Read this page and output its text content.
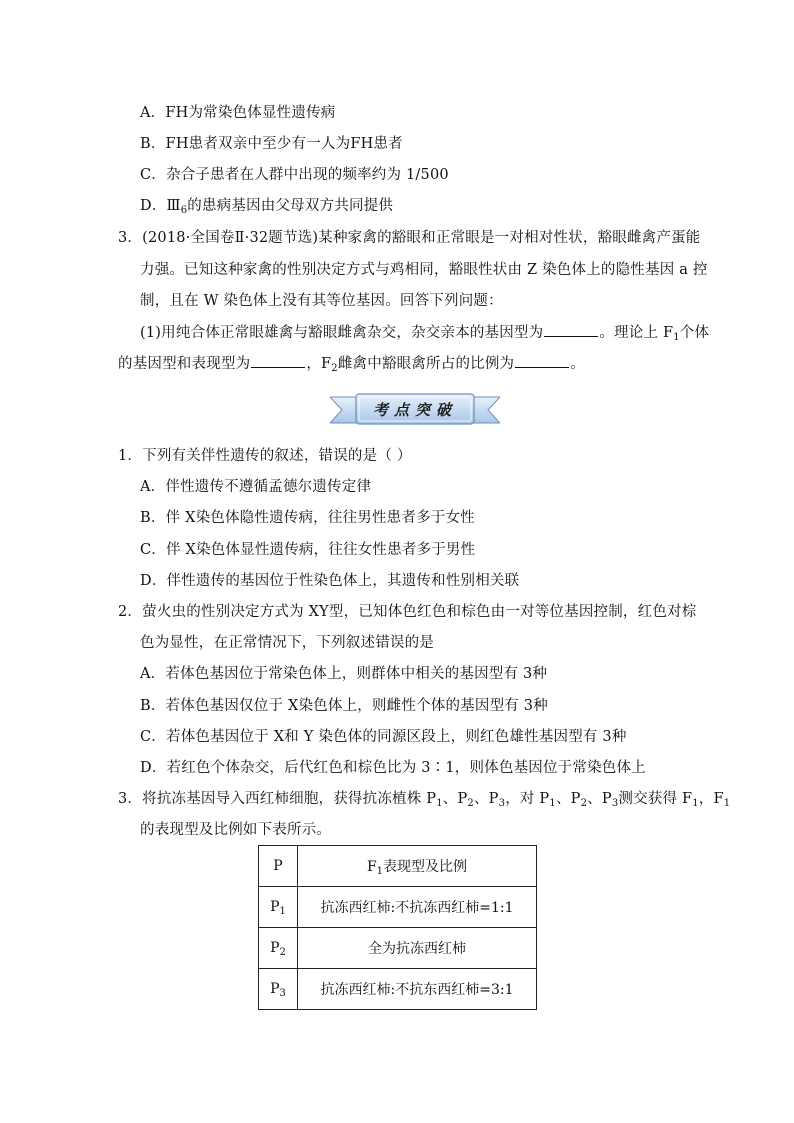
A．FH为常染色体显性遗传病
B．FH患者双亲中至少有一人为FH患者
C．杂合子患者在人群中出现的频率约为 1/500
D．$Ⅲ_6$的患病基因由父母双方共同提供
3．(2018·全国卷Ⅱ·32题节选)某种家禽的豁眼和正常眼是一对相对性状，豁眼雌禽产蛋能
力强。已知这种家禽的性别决定方式与鸡相同，豁眼性状由 Z 染色体上的隐性基因 a 控
制，且在 W 染色体上没有其等位基因。回答下列问题：
(1)用纯合体正常眼雄禽与豁眼雌禽杂交，杂交亲本的基因型为	。理论上 $F_1$个体
的基因型和表现型为	，$F_2$雌禽中豁眼禽所占的比例为	。
考点突破
1．下列有关伴性遗传的叙述，错误的是（ ）
A．伴性遗传不遵循孟德尔遗传定律
B．伴 X染色体隐性遗传病，往往男性患者多于女性
C．伴 X染色体显性遗传病，往往女性患者多于男性
D．伴性遗传的基因位于性染色体上，其遗传和性别相关联
2．萤火虫的性别决定方式为 XY型，已知体色红色和棕色由一对等位基因控制，红色对棕
色为显性，在正常情况下，下列叙述错误的是
A．若体色基因位于常染色体上，则群体中相关的基因型有 3种
B．若体色基因仅位于 X染色体上，则雌性个体的基因型有 3种
C．若体色基因位于 X和 Y 染色体的同源区段上，则红色雄性基因型有 3种
D．若红色个体杂交，后代红色和棕色比为 3∶1，则体色基因位于常染色体上
3．将抗冻基因导入西红柿细胞，获得抗冻植株 $P_1$、$P_2$、$P_3$，对 $P_1$、$P_2$、$P_3$测交获得 $F_1$，$F_1$
的表现型及比例如下表所示。
P	$F_1$表现型及比例
$P_1$	抗冻西红柿:不抗冻西红柿=1:1
$P_2$	全为抗冻西红柿
$P_3$	抗冻西红柿:不抗东西红柿=3:1
